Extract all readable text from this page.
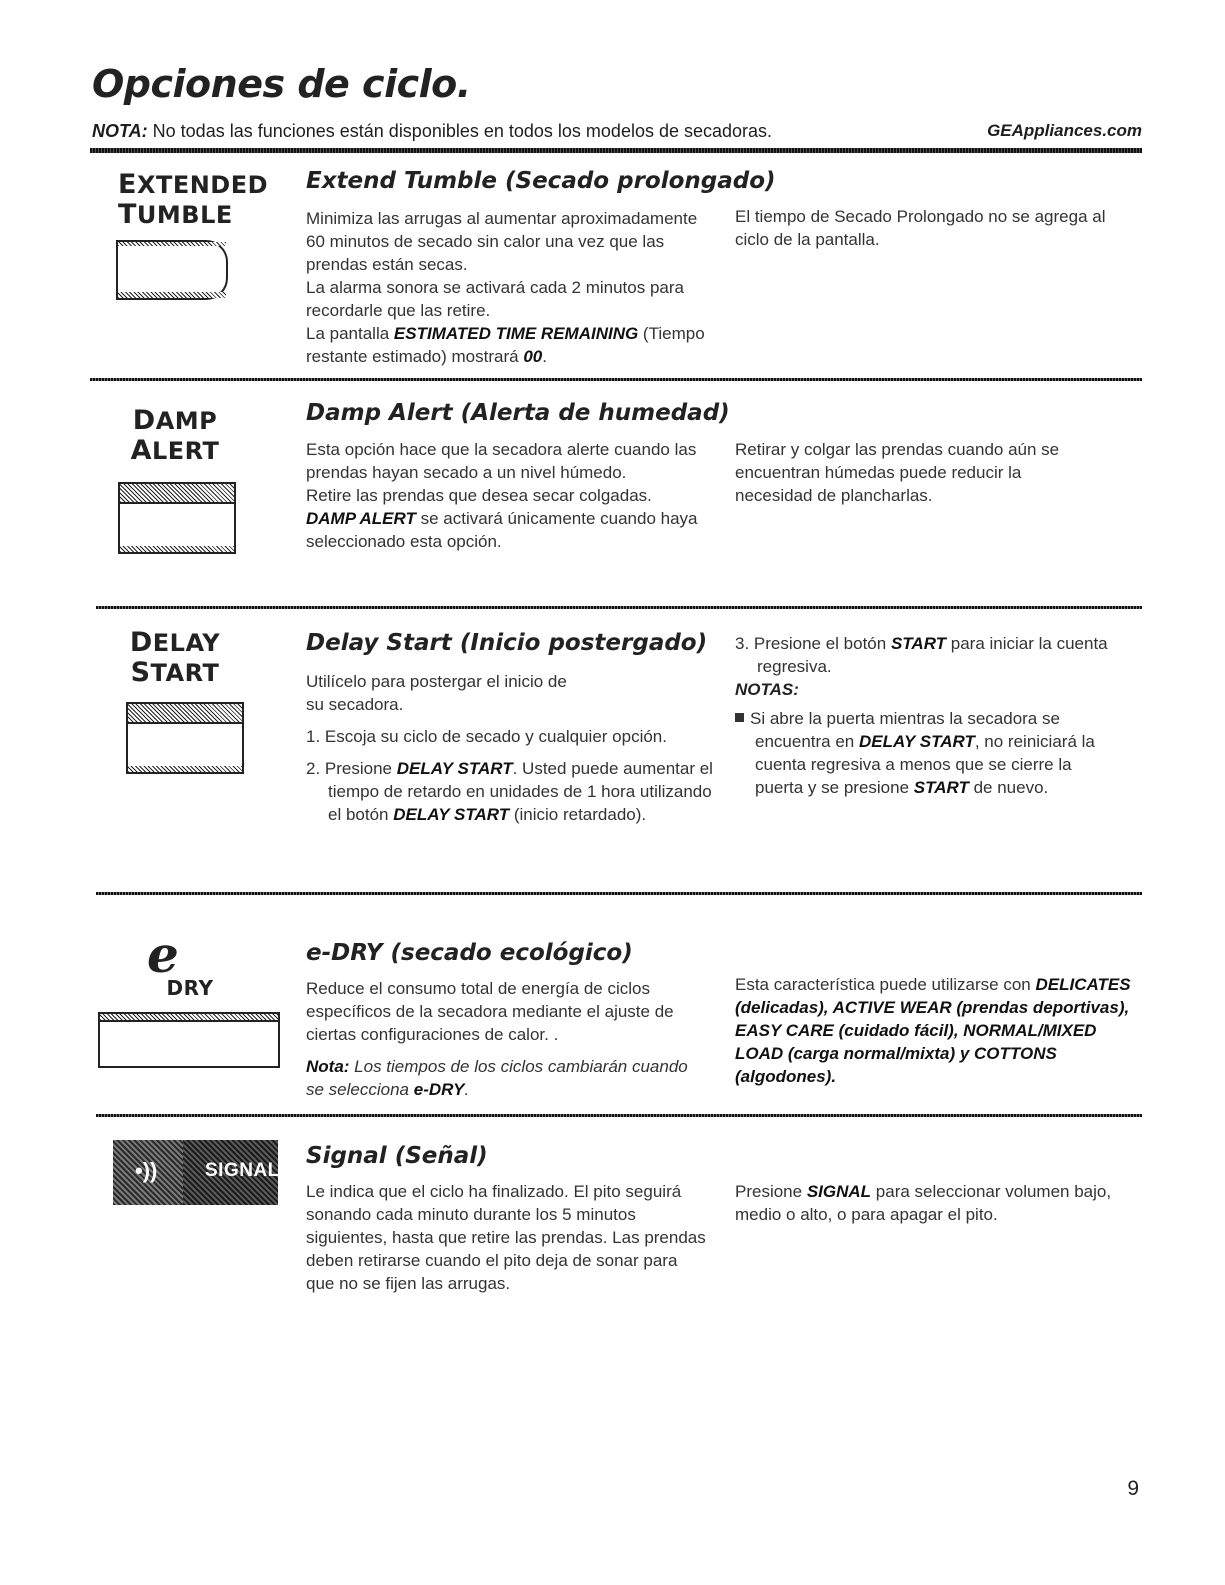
Opciones de ciclo.
NOTA: No todas las funciones están disponibles en todos los modelos de secadoras.	GEAppliances.com
EXTENDED
TUMBLE
Extend Tumble (Secado prolongado)

Minimiza las arrugas al aumentar aproximadamente 60 minutos de secado sin calor una vez que las prendas están secas.

La alarma sonora se activará cada 2 minutos para recordarle que las retire.

La pantalla ESTIMATED TIME REMAINING (Tiempo restante estimado) mostrará 00.

El tiempo de Secado Prolongado no se agrega al ciclo de la pantalla.

DAMP
ALERT
Damp Alert (Alerta de humedad)

Esta opción hace que la secadora alerte cuando las prendas hayan secado a un nivel húmedo.

Retire las prendas que desea secar colgadas. DAMP ALERT se activará únicamente cuando haya seleccionado esta opción.

Retirar y colgar las prendas cuando aún se encuentran húmedas puede reducir la necesidad de plancharlas.

DELAY
START
Delay Start (Inicio postergado)

Utilícelo para postergar el inicio de su secadora.

1. Escoja su ciclo de secado y cualquier opción.

2. Presione DELAY START. Usted puede aumentar el tiempo de retardo en unidades de 1 hora utilizando el botón DELAY START (inicio retardado).

3. Presione el botón START para iniciar la cuenta regresiva.

NOTAS:

Si abre la puerta mientras la secadora se encuentra en DELAY START, no reiniciará la cuenta regresiva a menos que se cierre la puerta y se presione START de nuevo.

e
DRY
e-DRY (secado ecológico)

Reduce el consumo total de energía de ciclos específicos de la secadora mediante el ajuste de ciertas configuraciones de calor. .

Nota: Los tiempos de los ciclos cambiarán cuando se selecciona e-DRY.

Esta característica puede utilizarse con DELICATES (delicadas), ACTIVE WEAR (prendas deportivas), EASY CARE (cuidado fácil), NORMAL/MIXED LOAD (carga normal/mixta) y COTTONS (algodones).

•))	SIGNAL
Signal (Señal)

Le indica que el ciclo ha finalizado. El pito seguirá sonando cada minuto durante los 5 minutos siguientes, hasta que retire las prendas. Las prendas deben retirarse cuando el pito deja de sonar para que no se fijen las arrugas.

Presione SIGNAL para seleccionar volumen bajo, medio o alto, o para apagar el pito.

9
